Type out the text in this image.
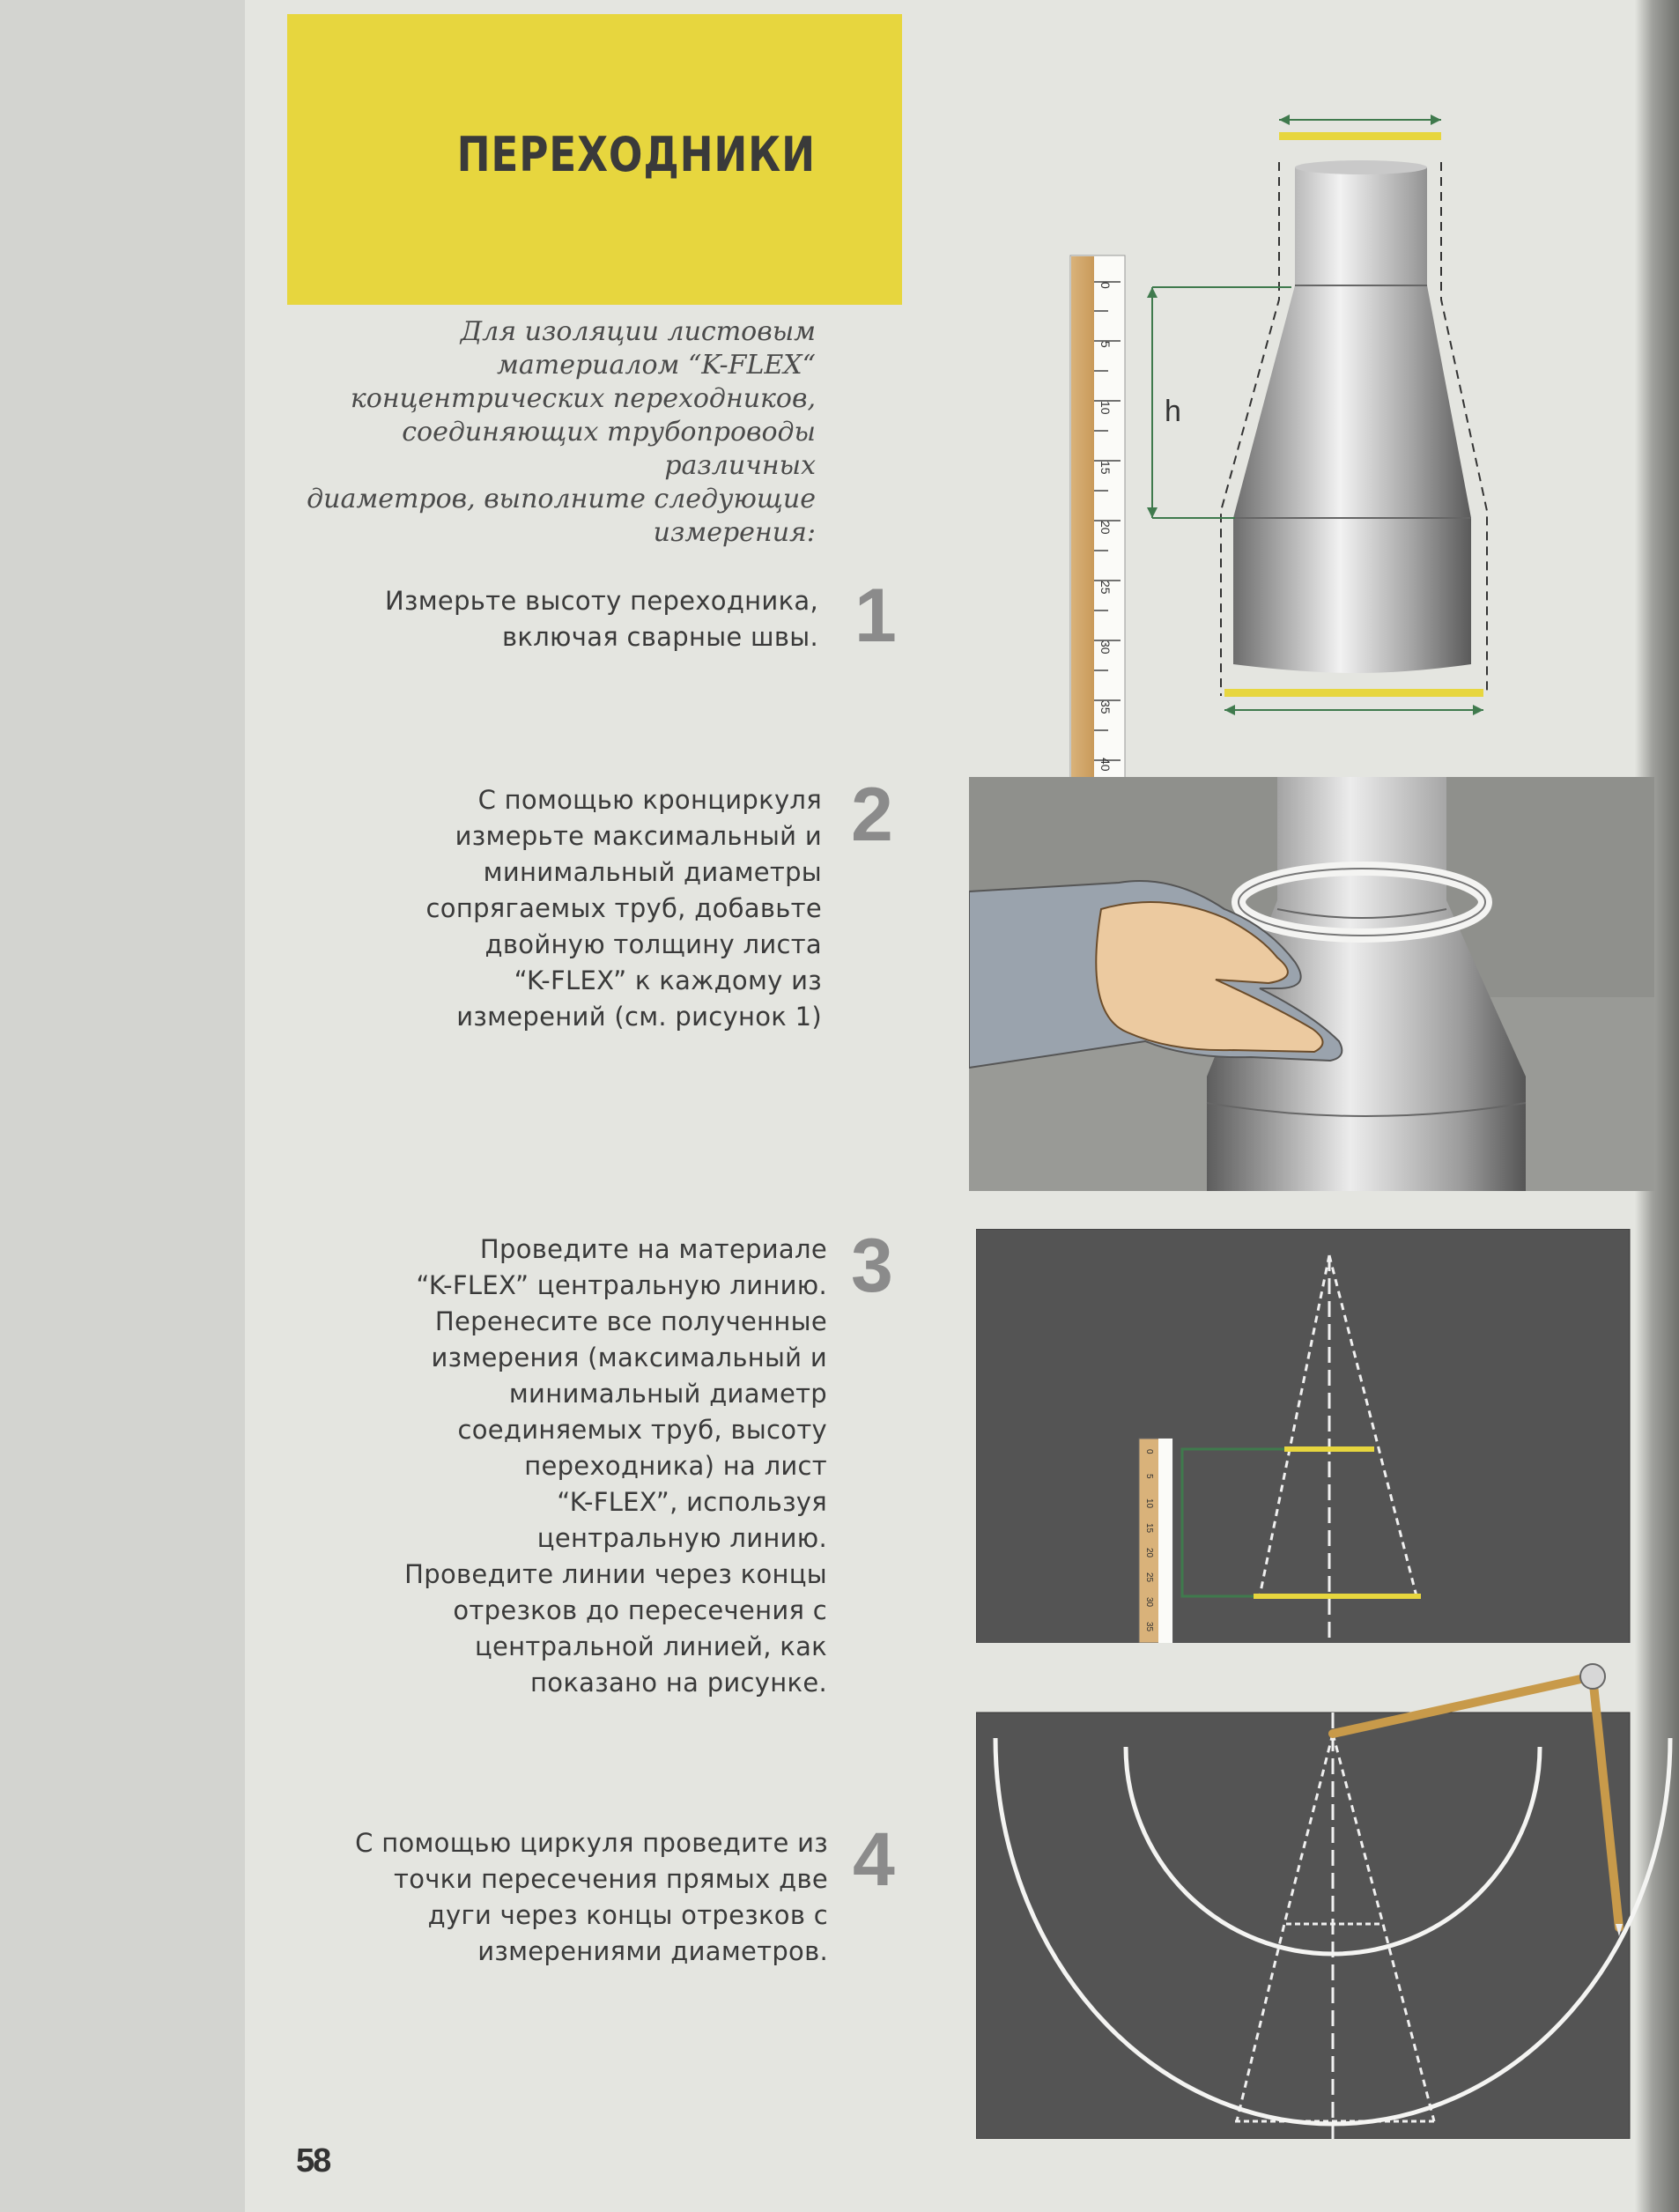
ПЕРЕХОДНИКИ
Для изоляции листовым
материалом “K-FLEX“
концентрических переходников,
соединяющих трубопроводы различных
диаметров, выполните следующие
измерения:
Измерьте высоту переходника,
включая сварные швы. 1
С помощью кронциркуля
измерьте максимальный и
минимальный диаметры
сопрягаемых труб, добавьте
двойную толщину листа
“K-FLEX” к каждому из
измерений (см. рисунок 1)
2
Проведите на материале
“K-FLEX” центральную линию.
Перенесите все полученные
измерения (максимальный и
минимальный диаметр
соединяемых труб, высоту
переходника) на лист
“K-FLEX”, используя
центральную линию.
Проведите линии через концы
отрезков до пересечения с
центральной линией, как
показано на рисунке.
3
С помощью циркуля проведите из
точки пересечения прямых две
дуги через концы отрезков с
измерениями диаметров.
4
0
5
10
15
20
25
30
35
40
h
0
5
10
15
20
25
30
35
58
